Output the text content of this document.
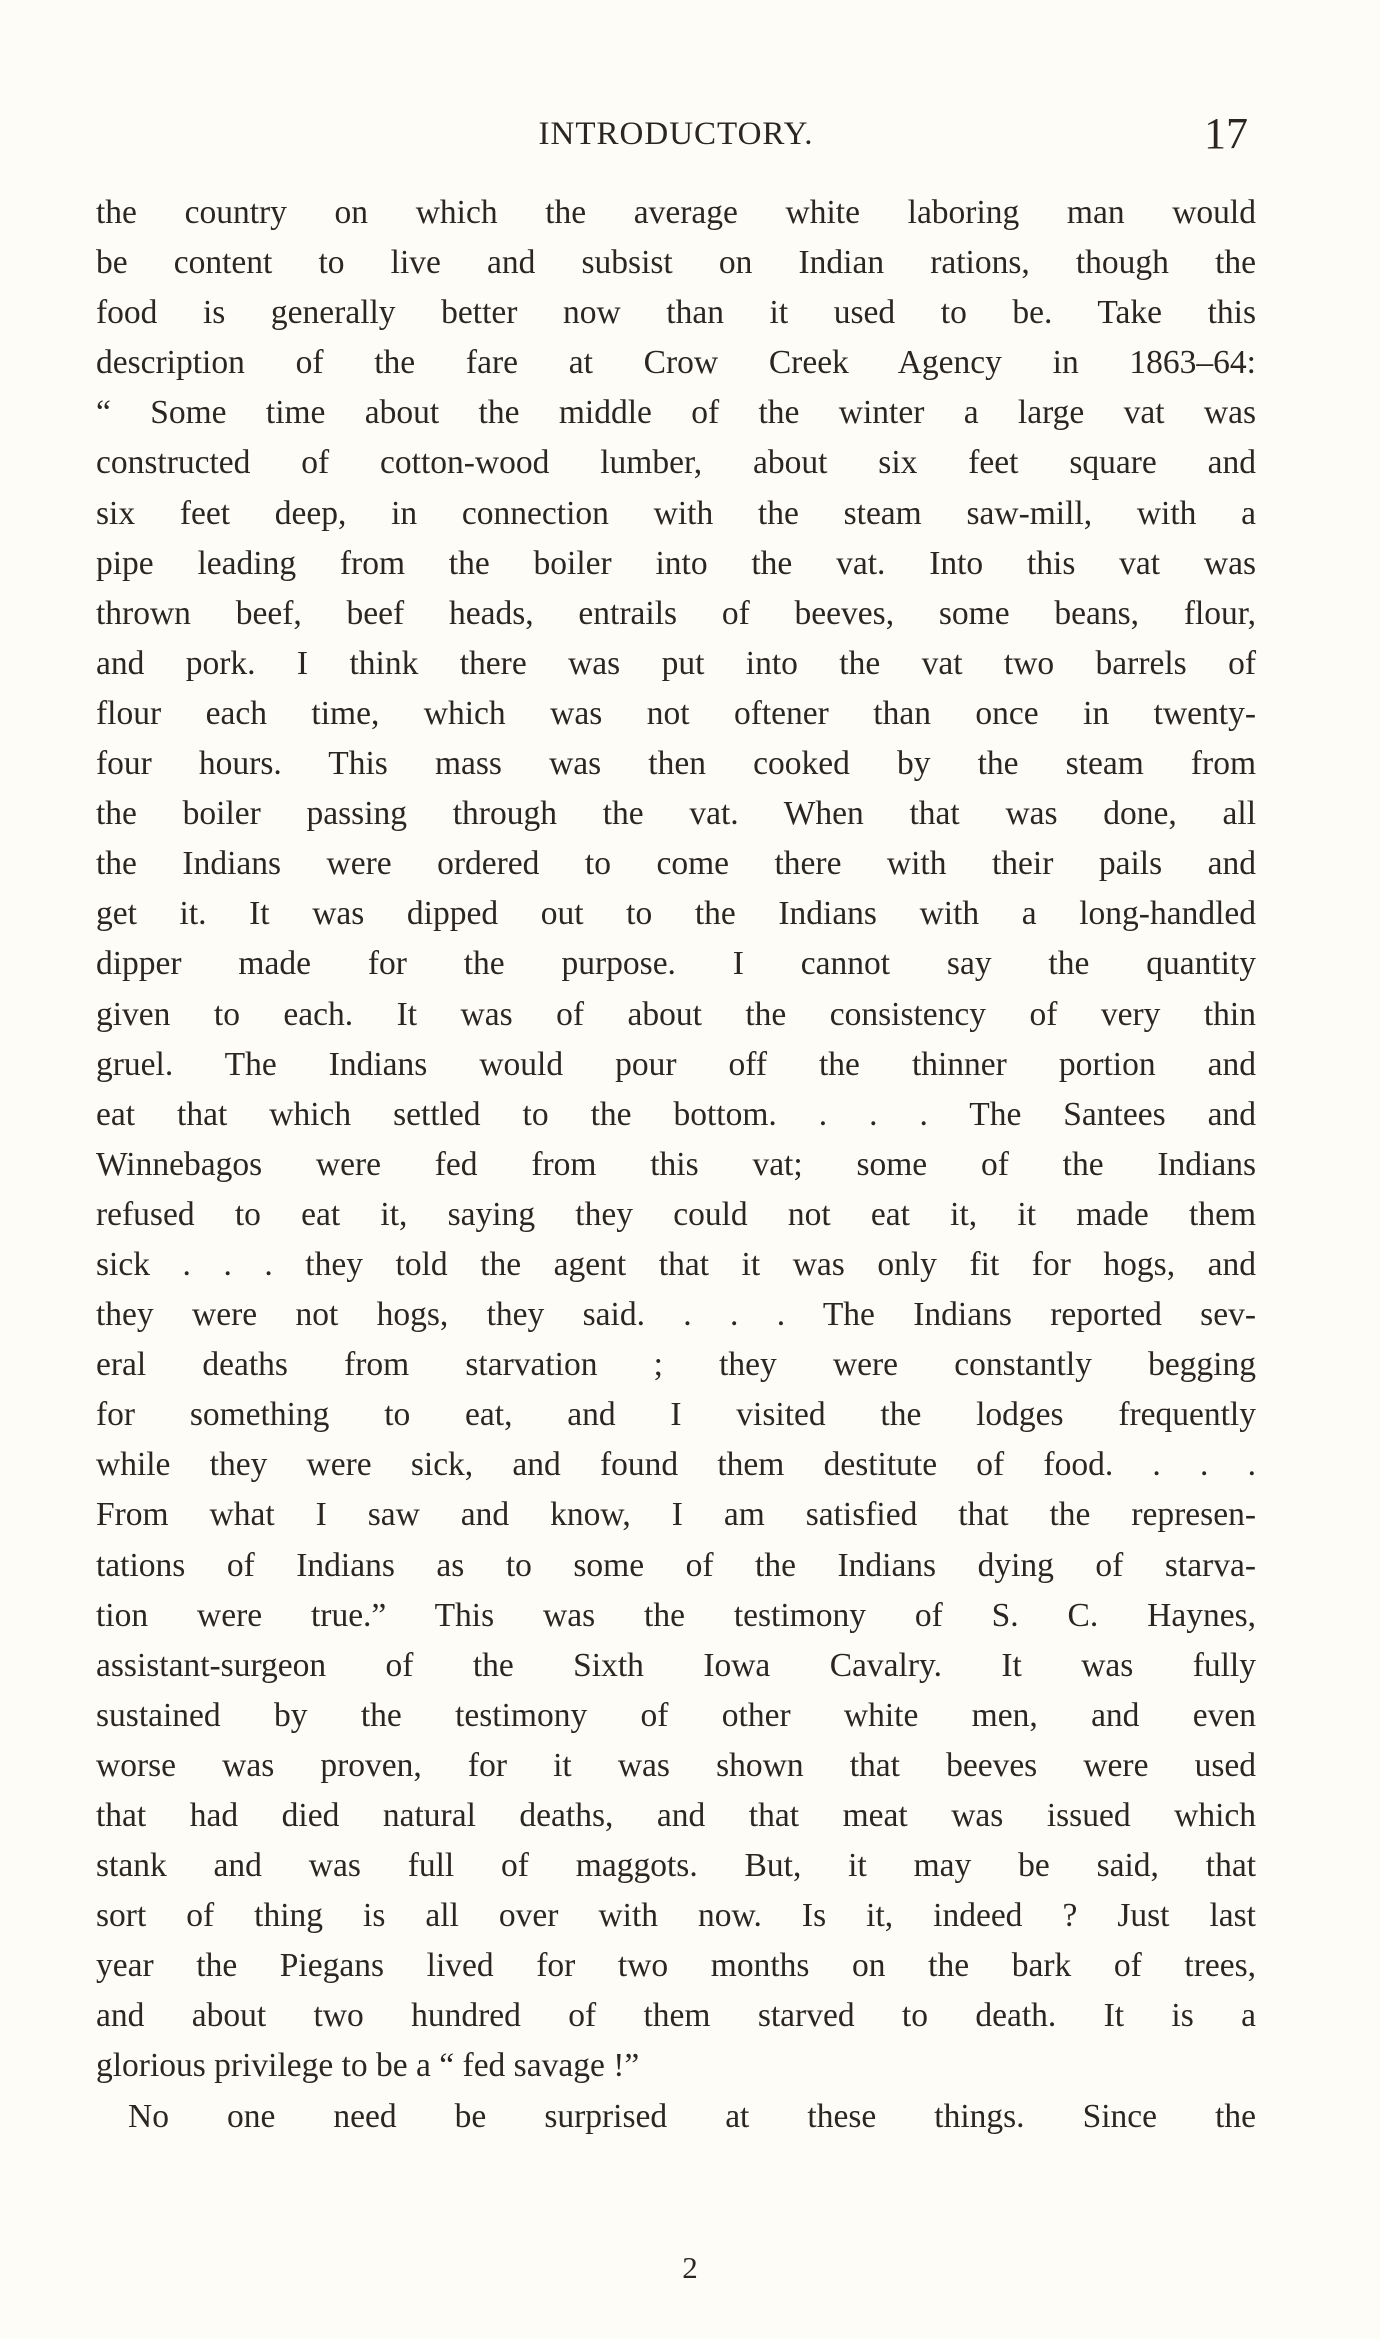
INTRODUCTORY.	17
the country on which the average white laboring man would
be content to live and subsist on Indian rations, though the
food is generally better now than it used to be. Take this
description of the fare at Crow Creek Agency in 1863–64:
“ Some time about the middle of the winter a large vat was
constructed of cotton-wood lumber, about six feet square and
six feet deep, in connection with the steam saw-mill, with a
pipe leading from the boiler into the vat. Into this vat was
thrown beef, beef heads, entrails of beeves, some beans, flour,
and pork. I think there was put into the vat two barrels of
flour each time, which was not oftener than once in twenty-
four hours. This mass was then cooked by the steam from
the boiler passing through the vat. When that was done, all
the Indians were ordered to come there with their pails and
get it. It was dipped out to the Indians with a long-handled
dipper made for the purpose. I cannot say the quantity
given to each. It was of about the consistency of very thin
gruel. The Indians would pour off the thinner portion and
eat that which settled to the bottom. . . . The Santees and
Winnebagos were fed from this vat; some of the Indians
refused to eat it, saying they could not eat it, it made them
sick . . . they told the agent that it was only fit for hogs, and
they were not hogs, they said. . . . The Indians reported sev-
eral deaths from starvation ; they were constantly begging
for something to eat, and I visited the lodges frequently
while they were sick, and found them destitute of food. . . .
From what I saw and know, I am satisfied that the represen-
tations of Indians as to some of the Indians dying of starva-
tion were true.” This was the testimony of S. C. Haynes,
assistant-surgeon of the Sixth Iowa Cavalry. It was fully
sustained by the testimony of other white men, and even
worse was proven, for it was shown that beeves were used
that had died natural deaths, and that meat was issued which
stank and was full of maggots. But, it may be said, that
sort of thing is all over with now. Is it, indeed ? Just last
year the Piegans lived for two months on the bark of trees,
and about two hundred of them starved to death. It is a
glorious privilege to be a “ fed savage !”
No one need be surprised at these things. Since the
2
